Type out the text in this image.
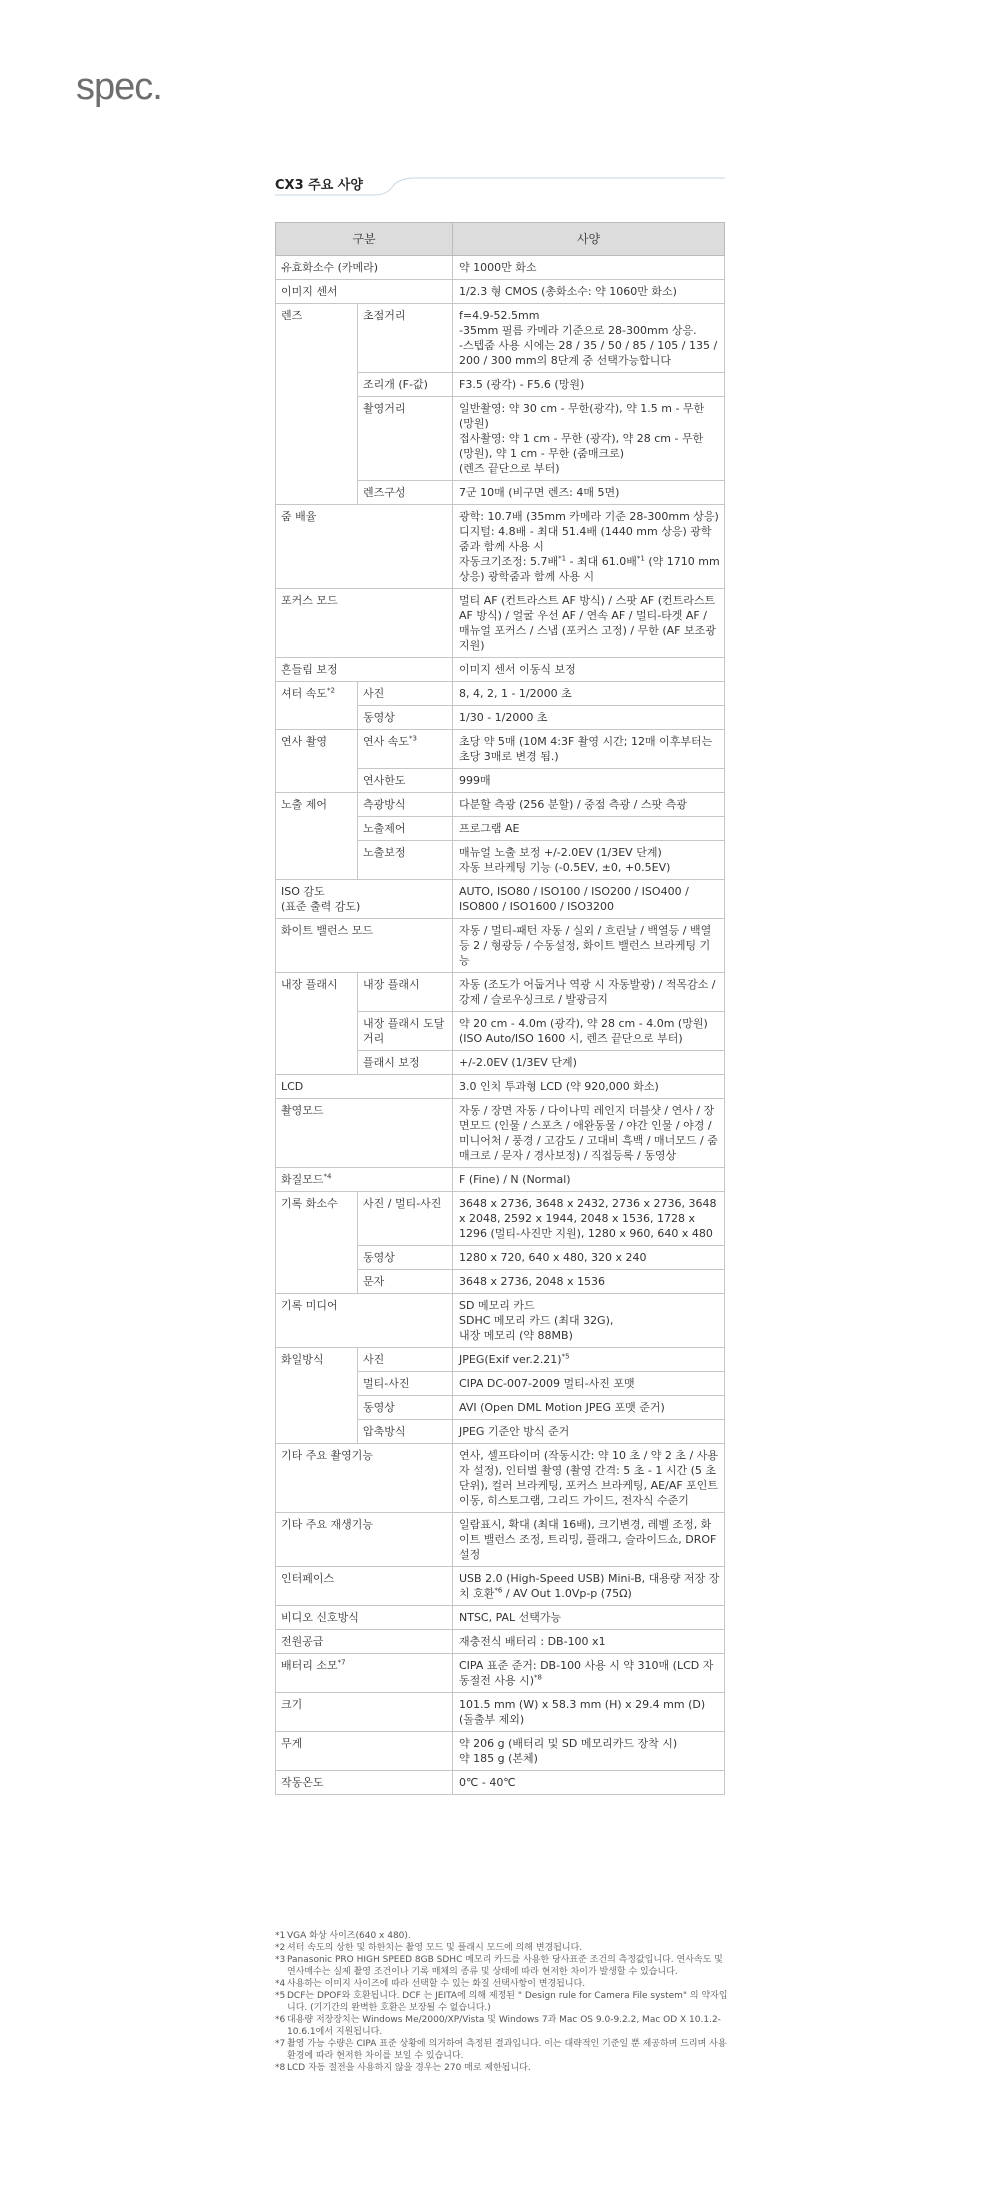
spec.
CX3 주요 사양
구분		사양
유효화소수 (카메라)		약 1000만 화소
이미지 센서		1/2.3 형 CMOS (총화소수: 약 1060만 화소)
렌즈	초점거리	f=4.9-52.5mm
-35mm 필름 카메라 기준으로 28-300mm 상응.
-스텝줌 사용 시에는 28 / 35 / 50 / 85 / 105 / 135 / 200 / 300 mm의 8단계 중 선택가능합니다
	조리개 (F-값)	F3.5 (광각) - F5.6 (망원)
	촬영거리	일반촬영: 약 30 cm - 무한(광각), 약 1.5 m - 무한 (망원)
접사촬영: 약 1 cm - 무한 (광각), 약 28 cm - 무한 (망원), 약 1 cm - 무한 (줌매크로)
(렌즈 끝단으로 부터)
	렌즈구성	7군 10매 (비구면 렌즈: 4매 5면)
줌 배율		광학: 10.7배 (35mm 카메라 기준 28-300mm 상응)
디지털: 4.8배 - 최대 51.4배 (1440 mm 상응) 광학줌과 함께 사용 시
자동크기조정: 5.7배$^{*1}$ - 최대 61.0배$^{*1}$ (약 1710 mm 상응) 광학줌과 함께 사용 시

포커스 모드		멀티 AF (컨트라스트 AF 방식) / 스팟 AF (컨트라스트 AF 방식) / 얼굴 우선 AF / 연속 AF / 멀티-타겟 AF / 매뉴얼 포커스 / 스냅 (포커스 고정) / 무한 (AF 보조광 지원)
흔들림 보정		이미지 센서 이동식 보정
셔터 속도$^{*2}$	사진	8, 4, 2, 1 - 1/2000 초
	동영상	1/30 - 1/2000 초
연사 촬영	연사 속도$^{*3}$	초당 약 5매 (10M 4:3F 촬영 시간; 12매 이후부터는 초당 3매로 변경 됨.)
	연사한도	999매
노출 제어	측광방식	다분할 측광 (256 분할) / 중점 측광 / 스팟 측광
	노출제어	프로그램 AE
	노출보정	매뉴얼 노출 보정 +/-2.0EV (1/3EV 단계)
자동 브라케팅 기능 (-0.5EV, ±0, +0.5EV)
ISO 감도
(표준 출력 감도)		AUTO, ISO80 / ISO100 / ISO200 / ISO400 / ISO800 / ISO1600 / ISO3200
화이트 밸런스 모드		자동 / 멀티-패턴 자동 / 실외 / 흐린날 / 백열등 / 백열등 2 / 형광등 / 수동설정, 화이트 밸런스 브라케팅 기능
내장 플래시	내장 플래시	자동 (조도가 어둡거나 역광 시 자동발광) / 적목감소 / 강제 / 슬로우싱크로 / 발광금지
	내장 플래시 도달거리	약 20 cm - 4.0m (광각), 약 28 cm - 4.0m (망원)
(ISO Auto/ISO 1600 시, 렌즈 끝단으로 부터)
	플래시 보정	+/-2.0EV (1/3EV 단계)
LCD		3.0 인치 투과형 LCD (약 920,000 화소)
촬영모드		자동 / 장면 자동 / 다이나믹 레인지 더블샷 / 연사 / 장면모드 (인물 / 스포츠 / 애완동물 / 야간 인물 / 야경 / 미니어처 / 풍경 / 고감도 / 고대비 흑백 / 매너모드 / 줌매크로 / 문자 / 경사보정) / 직접등록 / 동영상
화질모드$^{*4}$		F (Fine) / N (Normal)
기록 화소수	사진 / 멀티-사진	3648 x 2736, 3648 x 2432, 2736 x 2736, 3648 x 2048, 2592 x 1944, 2048 x 1536, 1728 x 1296 (멀티-사진만 지원), 1280 x 960, 640 x 480
	동영상	1280 x 720, 640 x 480, 320 x 240
	문자	3648 x 2736, 2048 x 1536
기록 미디어		SD 메모리 카드
SDHC 메모리 카드 (최대 32G),
내장 메모리 (약 88MB)
화일방식	사진	JPEG(Exif ver.2.21)$^{*5}$
	멀티-사진	CIPA DC-007-2009 멀티-사진 포맷
	동영상	AVI (Open DML Motion JPEG 포맷 준거)
	압축방식	JPEG 기준안 방식 준거
기타 주요 촬영기능		연사, 셀프타이머 (작동시간: 약 10 초 / 약 2 초 / 사용자 설정), 인터벌 촬영 (촬영 간격: 5 초 - 1 시간 (5 초 단위), 컬러 브라케팅, 포커스 브라케팅, AE/AF 포인트 이동, 히스토그램, 그리드 가이드, 전자식 수준기
기타 주요 재생기능		일람표시, 확대 (최대 16배), 크기변경, 레벨 조정, 화이트 밸런스 조정, 트리밍, 플래그, 슬라이드쇼, DROF설정
인터페이스		USB 2.0 (High-Speed USB) Mini-B, 대용량 저장 장치 호환$^{*6}$ / AV Out 1.0Vp-p (75Ω)
비디오 신호방식		NTSC, PAL 선택가능
전원공급		재충전식 배터리 : DB-100 x1
배터리 소모$^{*7}$		CIPA 표준 준거: DB-100 사용 시 약 310매 (LCD 자동절전 사용 시)$^{*8}$
크기		101.5 mm (W) x 58.3 mm (H) x 29.4 mm (D)
(돌출부 제외)
무게		약 206 g (배터리 및 SD 메모리카드 장착 시)
약 185 g (본체)
작동온도		0℃ - 40℃
*1 VGA 화상 사이즈(640 x 480).
*2 셔터 속도의 상한 및 하한치는 촬영 모드 및 플래시 모드에 의해 변경됩니다.
*3 Panasonic PRO HIGH SPEED 8GB SDHC 메모리 카드를 사용한 당사표준 조건의 측정값입니다. 연사속도 및 연사매수는 실제 촬영 조건이나 기록 매체의 종류 및 상태에 따라 현저한 차이가 발생할 수 있습니다.
*4 사용하는 이미지 사이즈에 따라 선택할 수 있는 화질 선택사항이 변경됩니다.
*5 DCF는 DPOF와 호환됩니다. DCF 는 JEITA에 의해 제정된 " Design rule for Camera File system" 의 약자입니다. (기기간의 완벽한 호환은 보장될 수 없습니다.)
*6 대용량 저장장치는 Windows Me/2000/XP/Vista 및 Windows 7과 Mac OS 9.0-9.2.2, Mac OD X 10.1.2-10.6.1에서 지원됩니다.
*7 촬영 가능 수량은 CIPA 표준 상황에 의거하여 측정된 결과입니다. 이는 대략적인 기준일 뿐 제공하며 드리며 사용환경에 따라 현저한 차이를 보일 수 있습니다.
*8 LCD 자동 절전을 사용하지 않을 경우는 270 매로 제한됩니다.
